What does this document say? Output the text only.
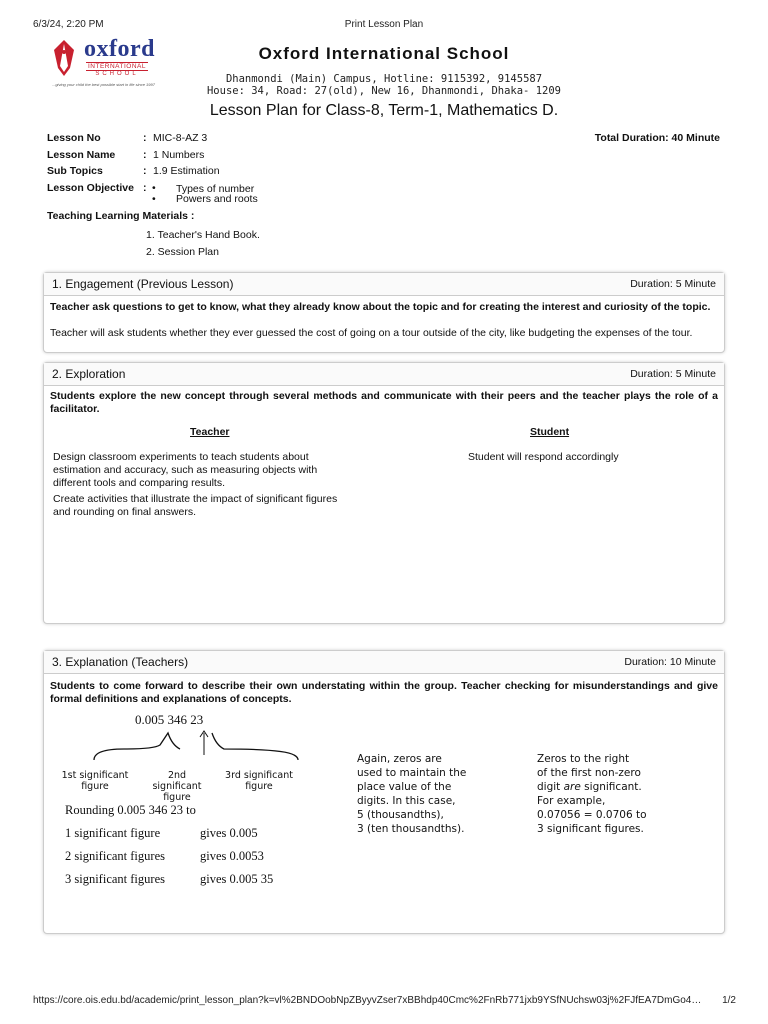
6/3/24, 2:20 PM	Print Lesson Plan
oxford
INTERNATIONAL
SCHOOL
...giving your child the best possible start in life since 1997
Oxford International School
Dhanmondi (Main) Campus, Hotline: 9115392, 9145587
House: 34, Road: 27(old), New 16, Dhanmondi, Dhaka- 1209
Lesson Plan for Class-8, Term-1, Mathematics D.
Lesson No	: MIC-8-AZ 3	Total Duration: 40 Minute
Lesson Name	: 1 Numbers
Sub Topics	: 1.9 Estimation
Lesson Objective : • Types of number
• Powers and roots
Teaching Learning Materials :
1. Teacher's Hand Book.
2. Session Plan
1. Engagement (Previous Lesson)	Duration: 5 Minute
Teacher ask questions to get to know, what they already know about the topic and for creating the interest and curiosity of the topic.
Teacher will ask students whether they ever guessed the cost of going on a tour outside of the city, like budgeting the expenses of the tour.
2. Exploration	Duration: 5 Minute
Students explore the new concept through several methods and communicate with their peers and the teacher plays the role of a facilitator.
Teacher	Student
Design classroom experiments to teach students about estimation and accuracy, such as measuring objects with different tools and comparing results.
Create activities that illustrate the impact of significant figures and rounding on final answers.
Student will respond accordingly
3. Explanation (Teachers)	Duration: 10 Minute
Students to come forward to describe their own understating within the group. Teacher checking for misunderstandings and give formal definitions and explanations of concepts.
0.005 346 23
1st significant figure
2nd significant figure
3rd significant figure
Rounding 0.005 346 23 to
1 significant figure	gives 0.005
2 significant figures	gives 0.0053
3 significant figures	gives 0.005 35
Again, zeros are
used to maintain the
place value of the
digits. In this case,
5 (thousandths),
3 (ten thousandths).
Zeros to the right
of the first non-zero
digit are significant.
For example,
0.07056 = 0.0706 to
3 significant figures.
https://core.ois.edu.bd/academic/print_lesson_plan?k=vl%2BNDOobNpZByyvZser7xBBhdp40Cmc%2FnRb771jxb9YSfNUchsw03j%2FJfEA7DmGo4…	1/2
